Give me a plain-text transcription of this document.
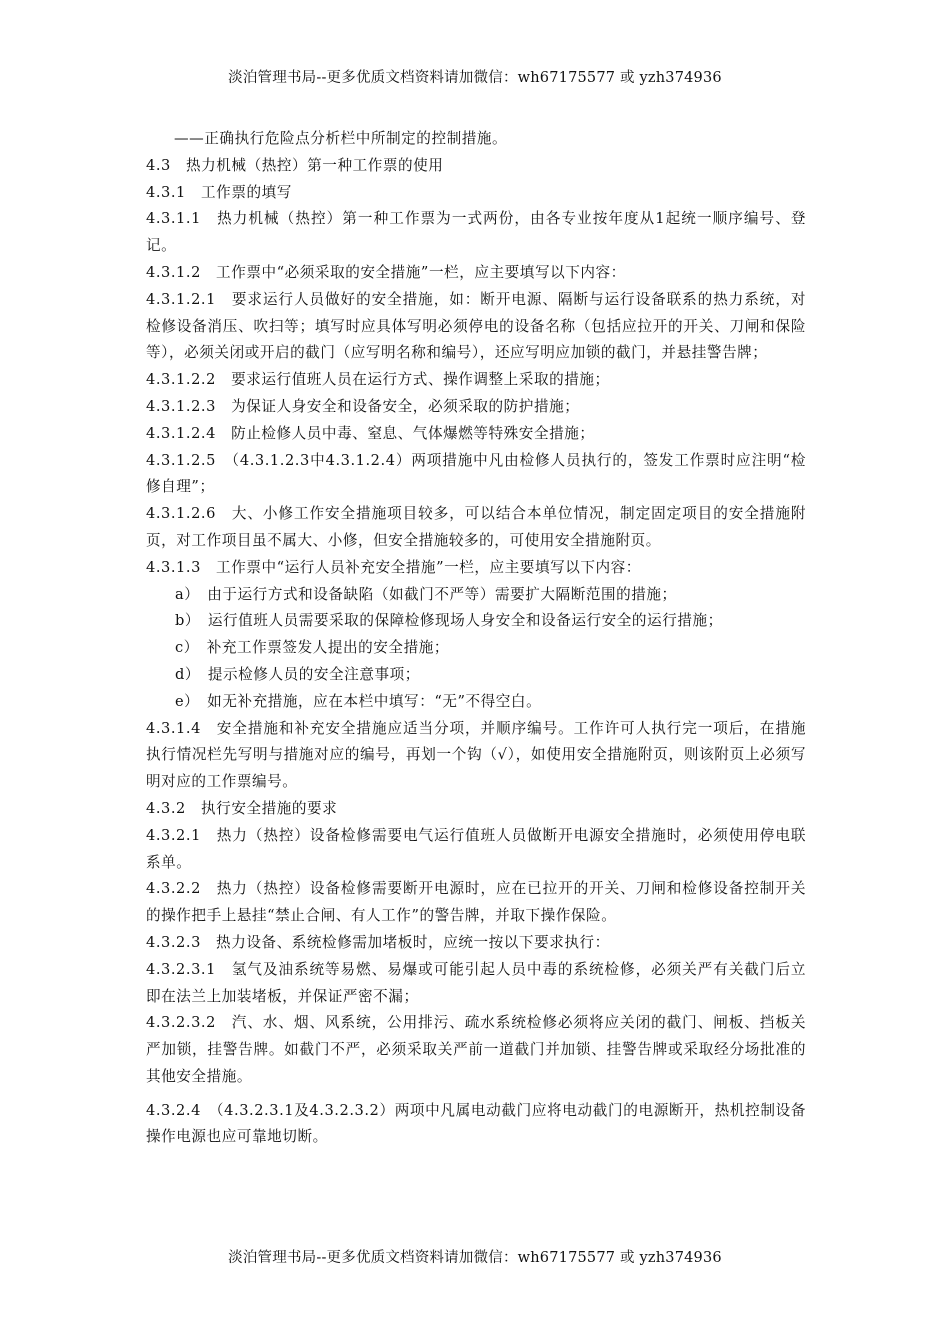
淡泊管理书局--更多优质文档资料请加微信：wh67175577 或 yzh374936

——正确执行危险点分析栏中所制定的控制措施。

4.3　热力机械（热控）第一种工作票的使用

4.3.1　工作票的填写

4.3.1.1　热力机械（热控）第一种工作票为一式两份，由各专业按年度从1起统一顺序编号、登记。

4.3.1.2　工作票中“必须采取的安全措施”一栏，应主要填写以下内容：

4.3.1.2.1　要求运行人员做好的安全措施，如：断开电源、隔断与运行设备联系的热力系统，对检修设备消压、吹扫等；填写时应具体写明必须停电的设备名称（包括应拉开的开关、刀闸和保险等），必须关闭或开启的截门（应写明名称和编号），还应写明应加锁的截门，并悬挂警告牌；

4.3.1.2.2　要求运行值班人员在运行方式、操作调整上采取的措施；

4.3.1.2.3　为保证人身安全和设备安全，必须采取的防护措施；

4.3.1.2.4　防止检修人员中毒、窒息、气体爆燃等特殊安全措施；

4.3.1.2.5　（4.3.1.2.3中4.3.1.2.4）两项措施中凡由检修人员执行的，签发工作票时应注明“检修自理”；

4.3.1.2.6　大、小修工作安全措施项目较多，可以结合本单位情况，制定固定项目的安全措施附页，对工作项目虽不属大、小修，但安全措施较多的，可使用安全措施附页。

4.3.1.3　工作票中“运行人员补充安全措施”一栏，应主要填写以下内容：

a）　由于运行方式和设备缺陷（如截门不严等）需要扩大隔断范围的措施；

b）　运行值班人员需要采取的保障检修现场人身安全和设备运行安全的运行措施；

c）　补充工作票签发人提出的安全措施；

d）　提示检修人员的安全注意事项；

e）　如无补充措施，应在本栏中填写：“无”不得空白。

4.3.1.4　安全措施和补充安全措施应适当分项，并顺序编号。工作许可人执行完一项后，在措施执行情况栏先写明与措施对应的编号，再划一个钩（√），如使用安全措施附页，则该附页上必须写明对应的工作票编号。

4.3.2　执行安全措施的要求

4.3.2.1　热力（热控）设备检修需要电气运行值班人员做断开电源安全措施时，必须使用停电联系单。

4.3.2.2　热力（热控）设备检修需要断开电源时，应在已拉开的开关、刀闸和检修设备控制开关的操作把手上悬挂“禁止合闸、有人工作”的警告牌，并取下操作保险。

4.3.2.3　热力设备、系统检修需加堵板时，应统一按以下要求执行：

4.3.2.3.1　氢气及油系统等易燃、易爆或可能引起人员中毒的系统检修，必须关严有关截门后立即在法兰上加装堵板，并保证严密不漏；

4.3.2.3.2　汽、水、烟、风系统，公用排污、疏水系统检修必须将应关闭的截门、闸板、挡板关严加锁，挂警告牌。如截门不严，必须采取关严前一道截门并加锁、挂警告牌或采取经分场批准的其他安全措施。

4.3.2.4　（4.3.2.3.1及4.3.2.3.2）两项中凡属电动截门应将电动截门的电源断开，热机控制设备操作电源也应可靠地切断。

淡泊管理书局--更多优质文档资料请加微信：wh67175577 或 yzh374936
